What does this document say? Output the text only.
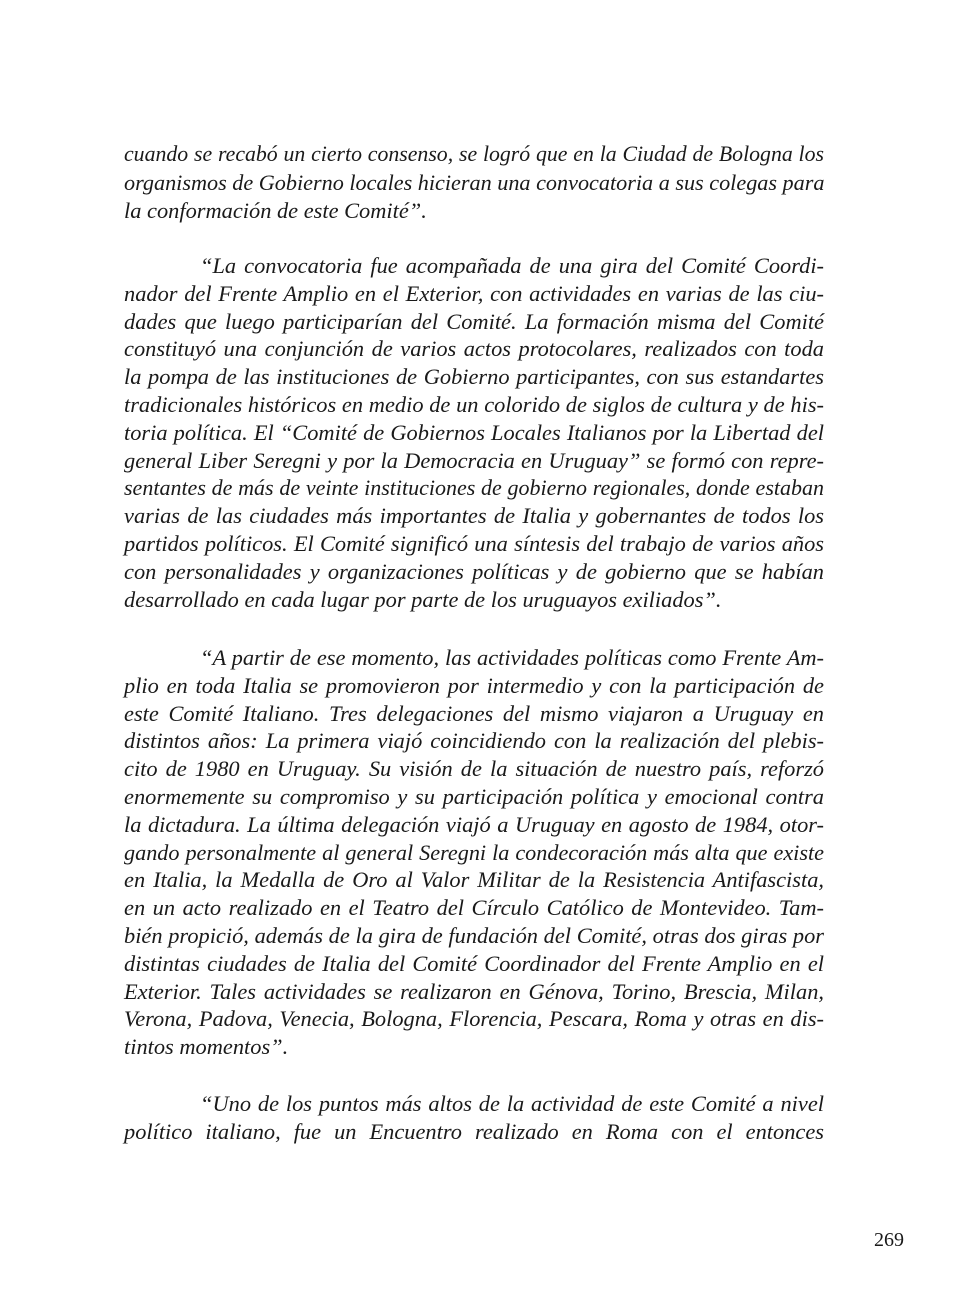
cuando se recabó un cierto consenso, se logró que en la Ciudad de Bologna los
organismos de Gobierno locales hicieran una convocatoria a sus colegas para
la conformación de este Comité”.
“La convocatoria fue acompañada de una gira del Comité Coordi-
nador del Frente Amplio en el Exterior, con actividades en varias de las ciu-
dades que luego participarían del Comité. La formación misma del Comité
constituyó una conjunción de varios actos protocolares, realizados con toda
la pompa de las instituciones de Gobierno participantes, con sus estandartes
tradicionales históricos en medio de un colorido de siglos de cultura y de his-
toria política. El “Comité de Gobiernos Locales Italianos por la Libertad del
general Liber Seregni y por la Democracia en Uruguay” se formó con repre-
sentantes de más de veinte instituciones de gobierno regionales, donde estaban
varias de las ciudades más importantes de Italia y gobernantes de todos los
partidos políticos. El Comité significó una síntesis del trabajo de varios años
con personalidades y organizaciones políticas y de gobierno que se habían
desarrollado en cada lugar por parte de los uruguayos exiliados”.
“A partir de ese momento, las actividades políticas como Frente Am-
plio en toda Italia se promovieron por intermedio y con la participación de
este Comité Italiano. Tres delegaciones del mismo viajaron a Uruguay en
distintos años: La primera viajó coincidiendo con la realización del plebis-
cito de 1980 en Uruguay. Su visión de la situación de nuestro país, reforzó
enormemente su compromiso y su participación política y emocional contra
la dictadura. La última delegación viajó a Uruguay en agosto de 1984, otor-
gando personalmente al general Seregni la condecoración más alta que existe
en Italia, la Medalla de Oro al Valor Militar de la Resistencia Antifascista,
en un acto realizado en el Teatro del Círculo Católico de Montevideo. Tam-
bién propició, además de la gira de fundación del Comité, otras dos giras por
distintas ciudades de Italia del Comité Coordinador del Frente Amplio en el
Exterior. Tales actividades se realizaron en Génova, Torino, Brescia, Milan,
Verona, Padova, Venecia, Bologna, Florencia, Pescara, Roma y otras en dis-
tintos momentos”.
“Uno de los puntos más altos de la actividad de este Comité a nivel
político italiano, fue un Encuentro realizado en Roma con el entonces
269
